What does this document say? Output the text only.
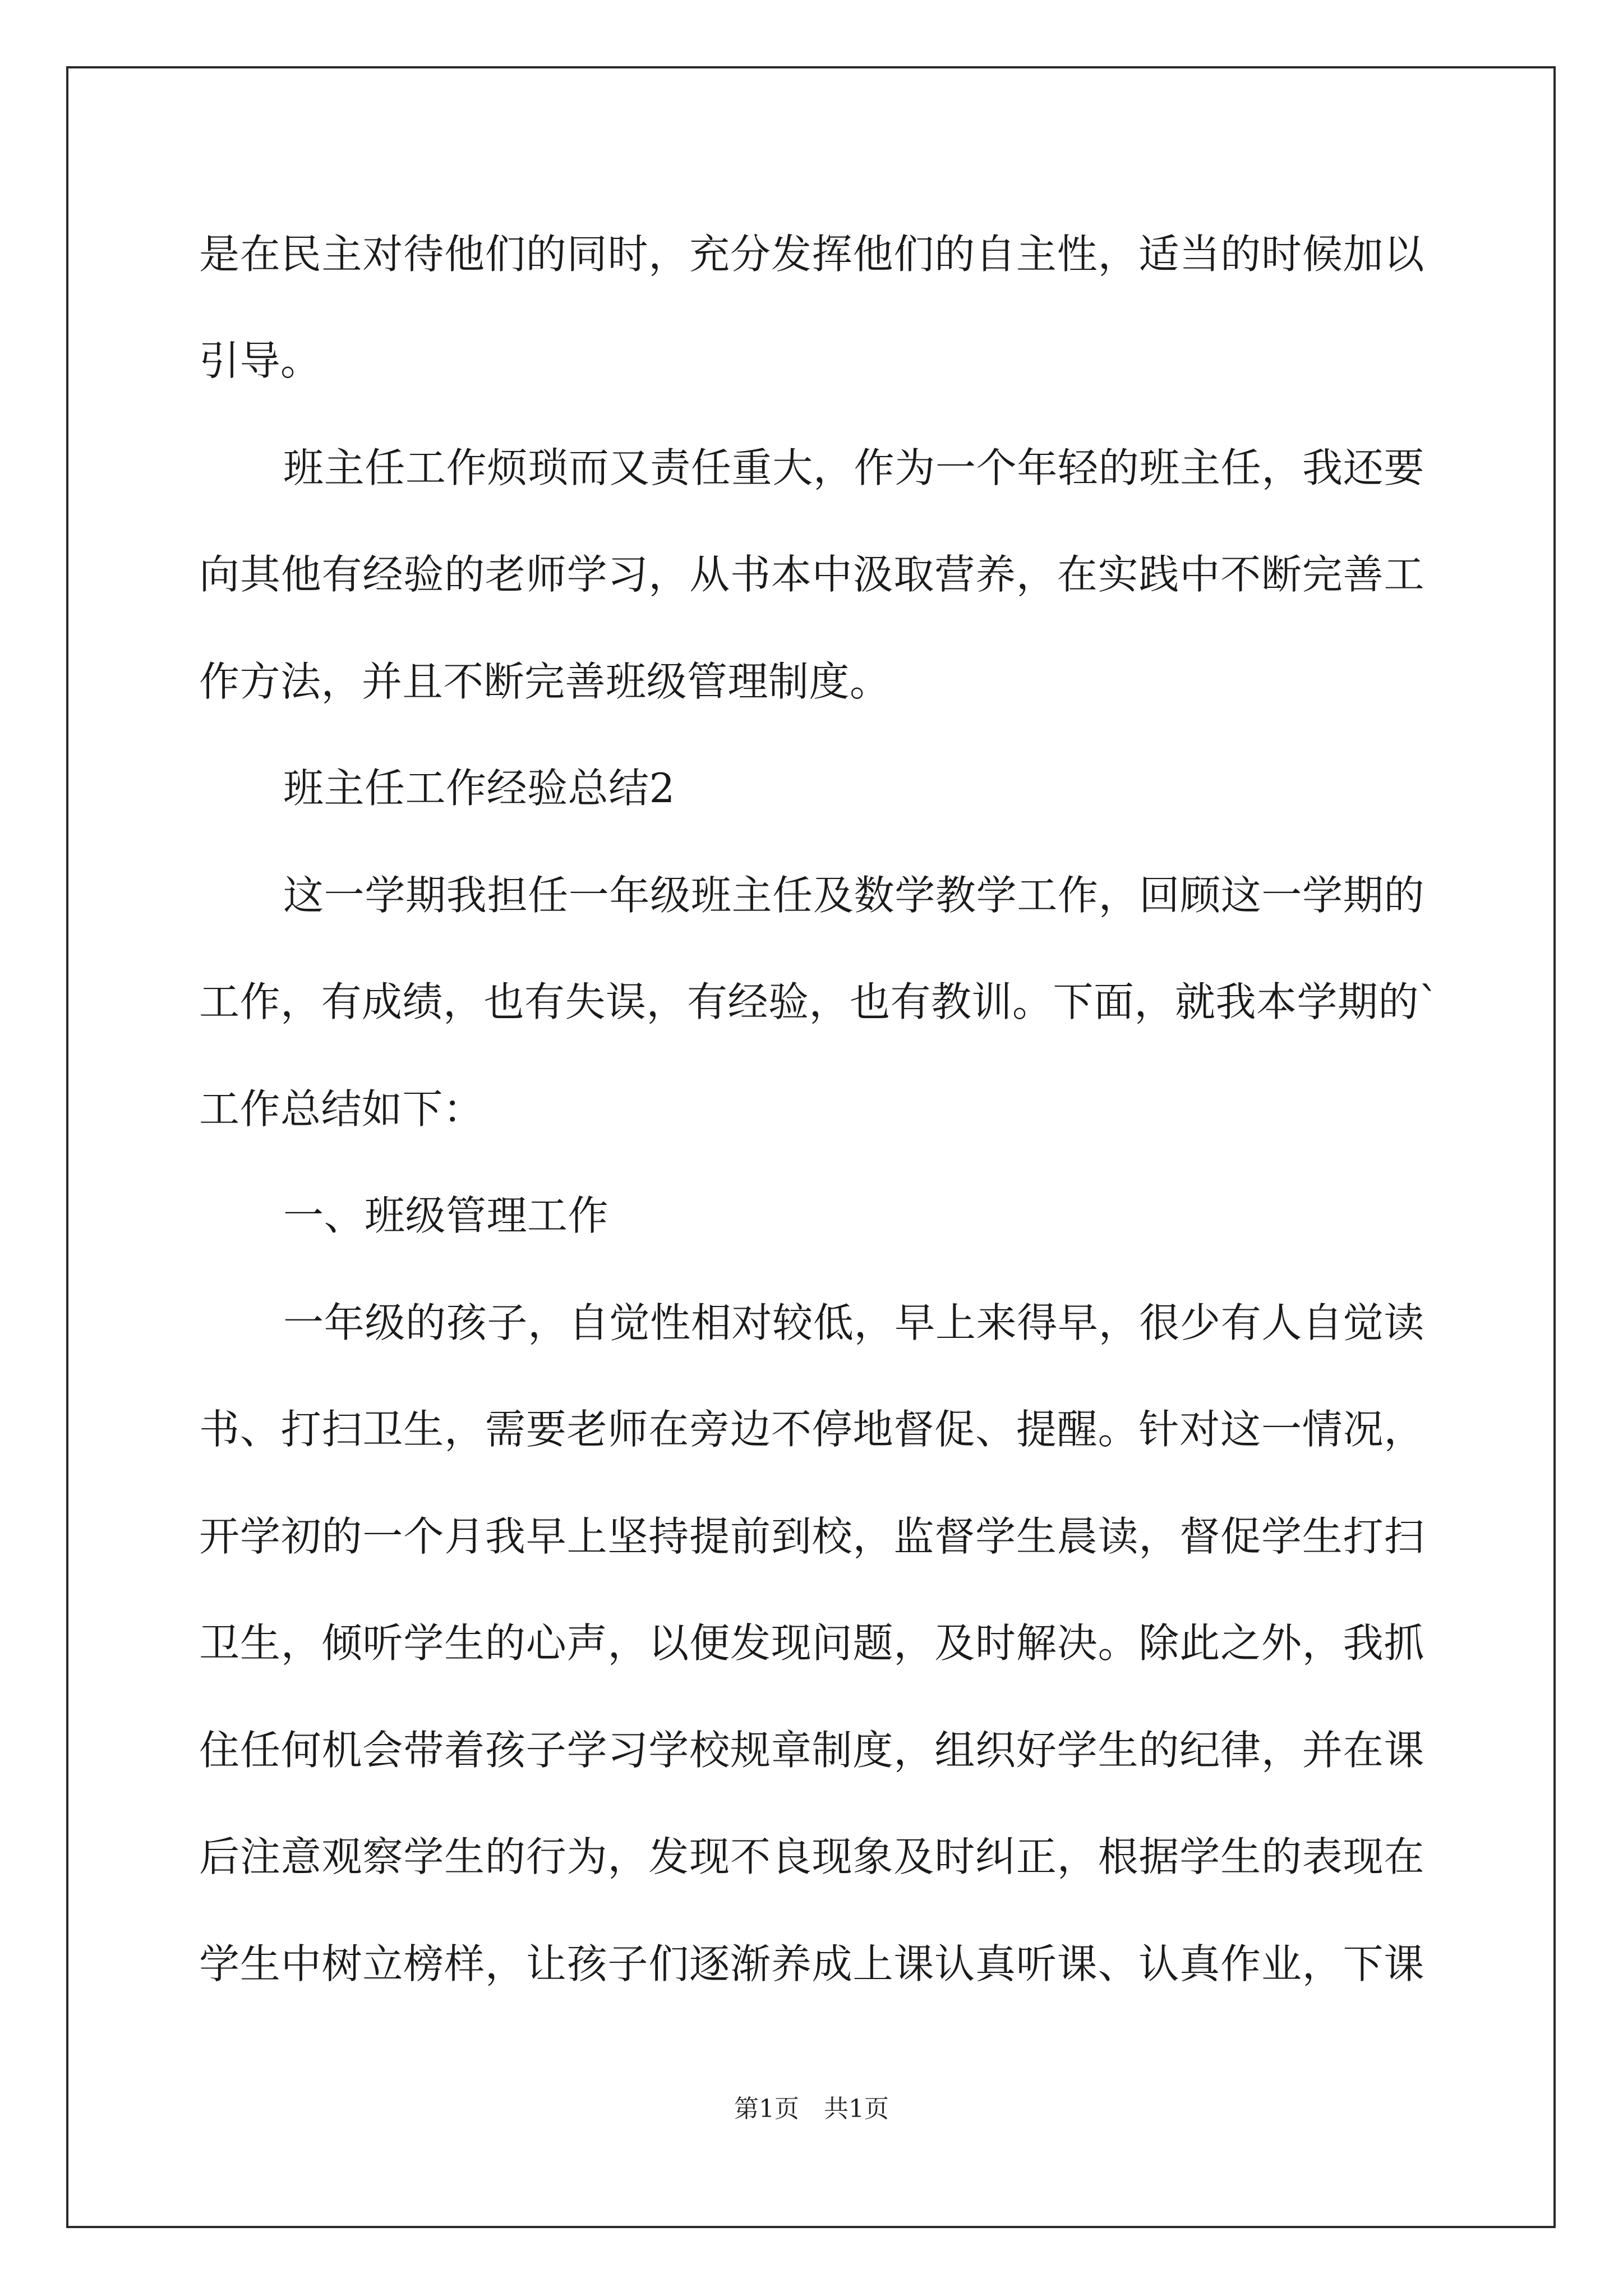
是在民主对待他们的同时，充分发挥他们的自主性，适当的时候加以
引导。
班主任工作烦琐而又责任重大，作为一个年轻的班主任，我还要
向其他有经验的老师学习，从书本中汲取营养，在实践中不断完善工
作方法，并且不断完善班级管理制度。
班主任工作经验总结2
这一学期我担任一年级班主任及数学教学工作，回顾这一学期的
工作，有成绩，也有失误，有经验，也有教训。下面，就我本学期的`
工作总结如下：
一、班级管理工作
一年级的孩子，自觉性相对较低，早上来得早，很少有人自觉读
书、打扫卫生，需要老师在旁边不停地督促、提醒。针对这一情况，
开学初的一个月我早上坚持提前到校，监督学生晨读，督促学生打扫
卫生，倾听学生的心声，以便发现问题，及时解决。除此之外，我抓
住任何机会带着孩子学习学校规章制度，组织好学生的纪律，并在课
后注意观察学生的行为，发现不良现象及时纠正，根据学生的表现在
学生中树立榜样，让孩子们逐渐养成上课认真听课、认真作业，下课
第1页 共1页
